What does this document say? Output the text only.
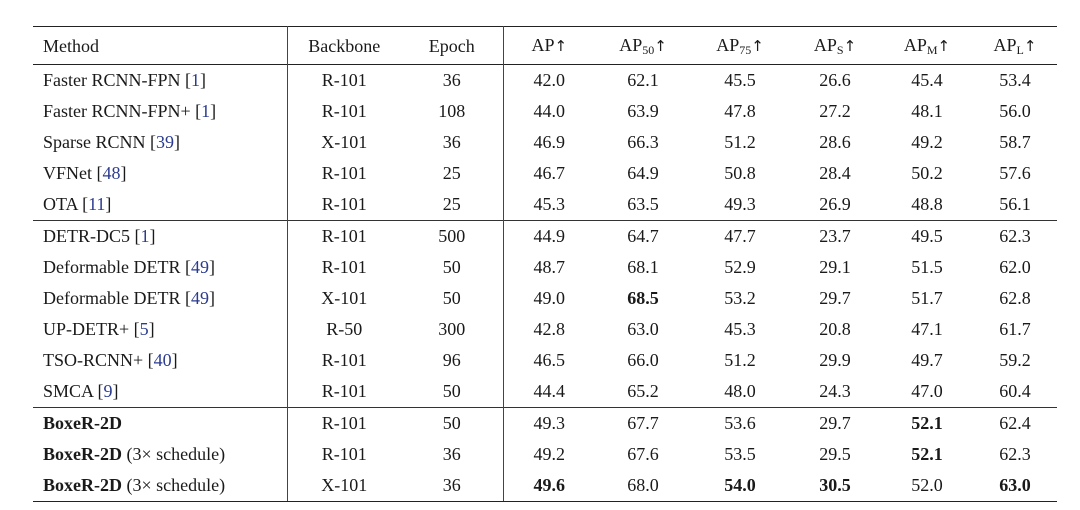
Method	Backbone	Epoch	AP↑	$AP_{50}↑$	$AP_{75}↑$	$AP_S↑$	$AP_M↑$	$AP_L↑$
Faster RCNN-FPN [1]	R-101	36	42.0	62.1	45.5	26.6	45.4	53.4
Faster RCNN-FPN+ [1]	R-101	108	44.0	63.9	47.8	27.2	48.1	56.0
Sparse RCNN [39]	X-101	36	46.9	66.3	51.2	28.6	49.2	58.7
VFNet [48]	R-101	25	46.7	64.9	50.8	28.4	50.2	57.6
OTA [11]	R-101	25	45.3	63.5	49.3	26.9	48.8	56.1
DETR-DC5 [1]	R-101	500	44.9	64.7	47.7	23.7	49.5	62.3
Deformable DETR [49]	R-101	50	48.7	68.1	52.9	29.1	51.5	62.0
Deformable DETR [49]	X-101	50	49.0	68.5	53.2	29.7	51.7	62.8
UP-DETR+ [5]	R-50	300	42.8	63.0	45.3	20.8	47.1	61.7
TSO-RCNN+ [40]	R-101	96	46.5	66.0	51.2	29.9	49.7	59.2
SMCA [9]	R-101	50	44.4	65.2	48.0	24.3	47.0	60.4
BoxeR-2D	R-101	50	49.3	67.7	53.6	29.7	52.1	62.4
BoxeR-2D (3× schedule)	R-101	36	49.2	67.6	53.5	29.5	52.1	62.3
BoxeR-2D (3× schedule)	X-101	36	49.6	68.0	54.0	30.5	52.0	63.0
